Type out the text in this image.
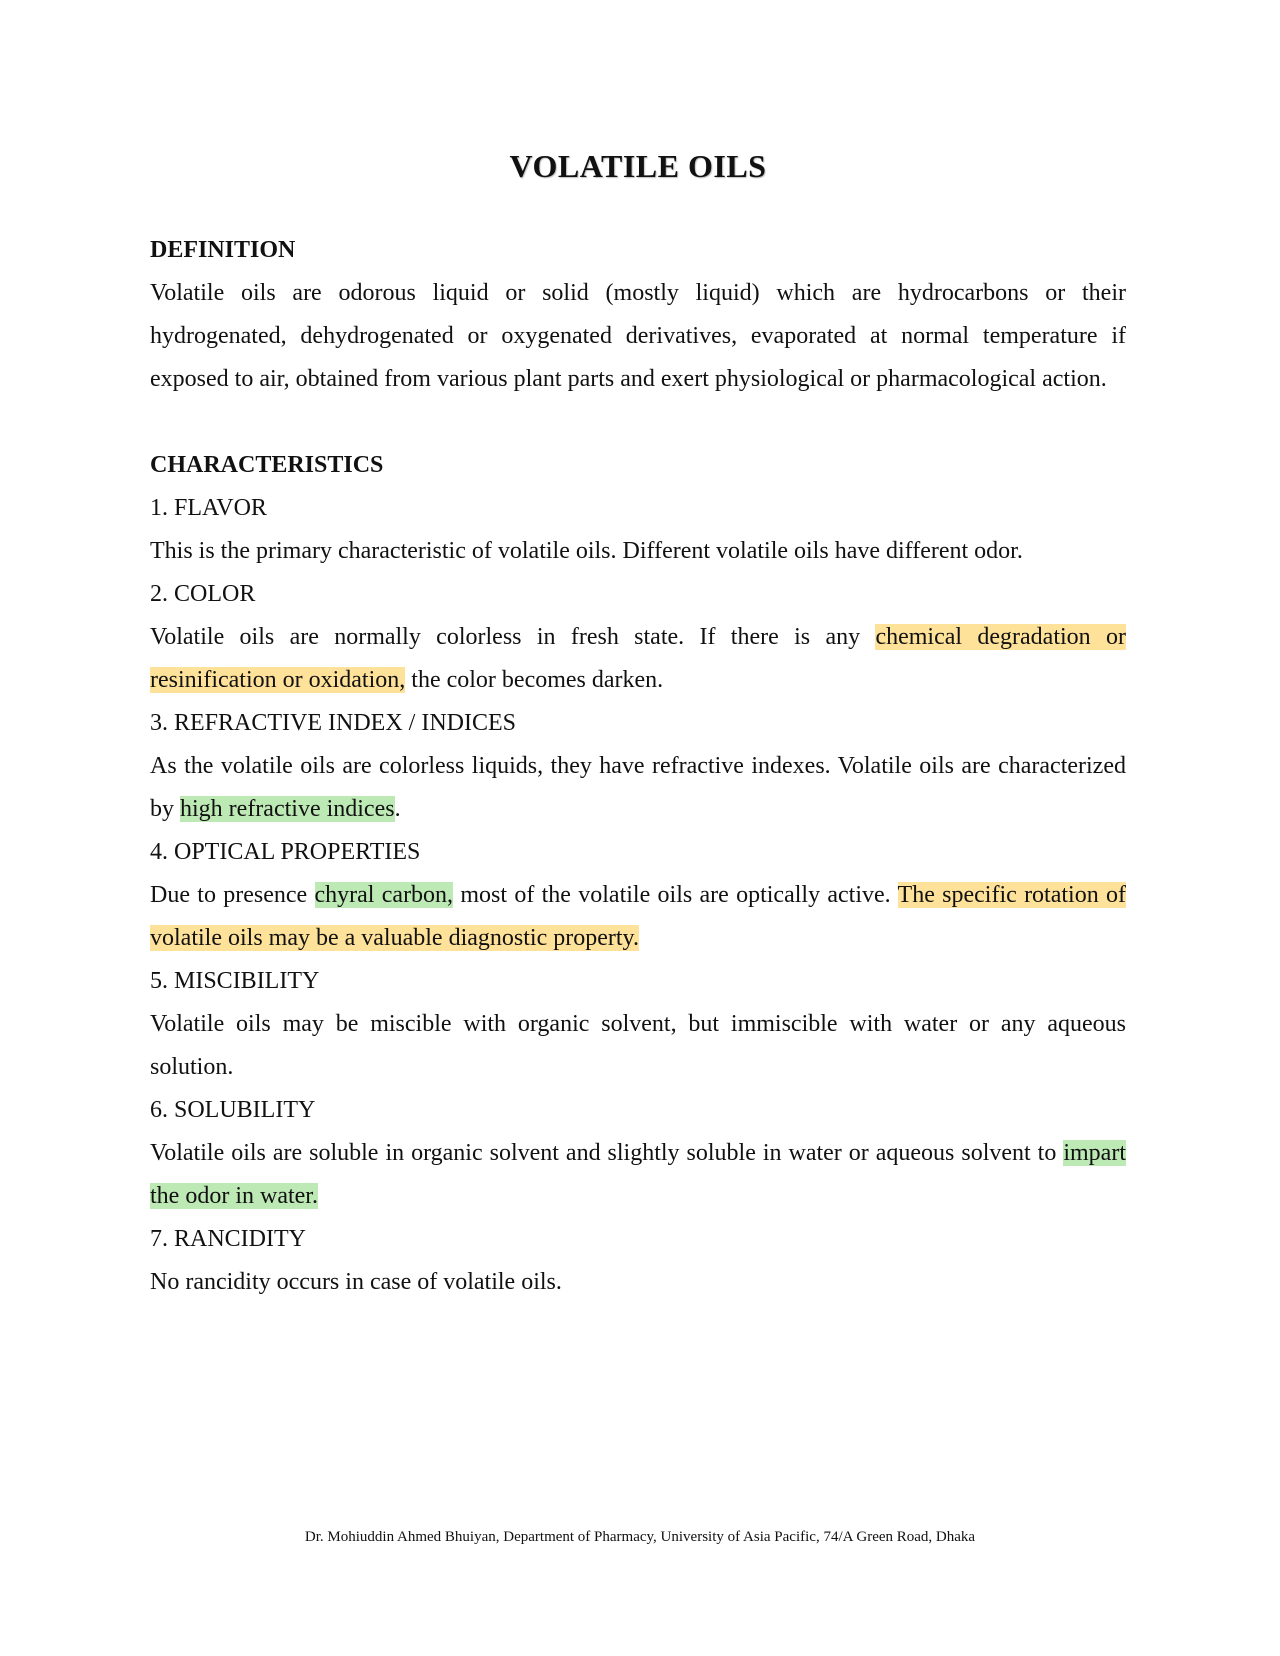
VOLATILE OILS

DEFINITION

Volatile oils are odorous liquid or solid (mostly liquid) which are hydrocarbons or their hydrogenated, dehydrogenated or oxygenated derivatives, evaporated at normal temperature if exposed to air, obtained from various plant parts and exert physiological or pharmacological action.

CHARACTERISTICS

1. FLAVOR

This is the primary characteristic of volatile oils. Different volatile oils have different odor.

2. COLOR

Volatile oils are normally colorless in fresh state. If there is any chemical degradation or resinification or oxidation, the color becomes darken.

3. REFRACTIVE INDEX / INDICES

As the volatile oils are colorless liquids, they have refractive indexes. Volatile oils are characterized by high refractive indices.

4. OPTICAL PROPERTIES

Due to presence chyral carbon, most of the volatile oils are optically active. The specific rotation of volatile oils may be a valuable diagnostic property.

5. MISCIBILITY

Volatile oils may be miscible with organic solvent, but immiscible with water or any aqueous solution.

6. SOLUBILITY

Volatile oils are soluble in organic solvent and slightly soluble in water or aqueous solvent to impart the odor in water.

7. RANCIDITY

No rancidity occurs in case of volatile oils.

Dr. Mohiuddin Ahmed Bhuiyan, Department of Pharmacy, University of Asia Pacific, 74/A Green Road, Dhaka
